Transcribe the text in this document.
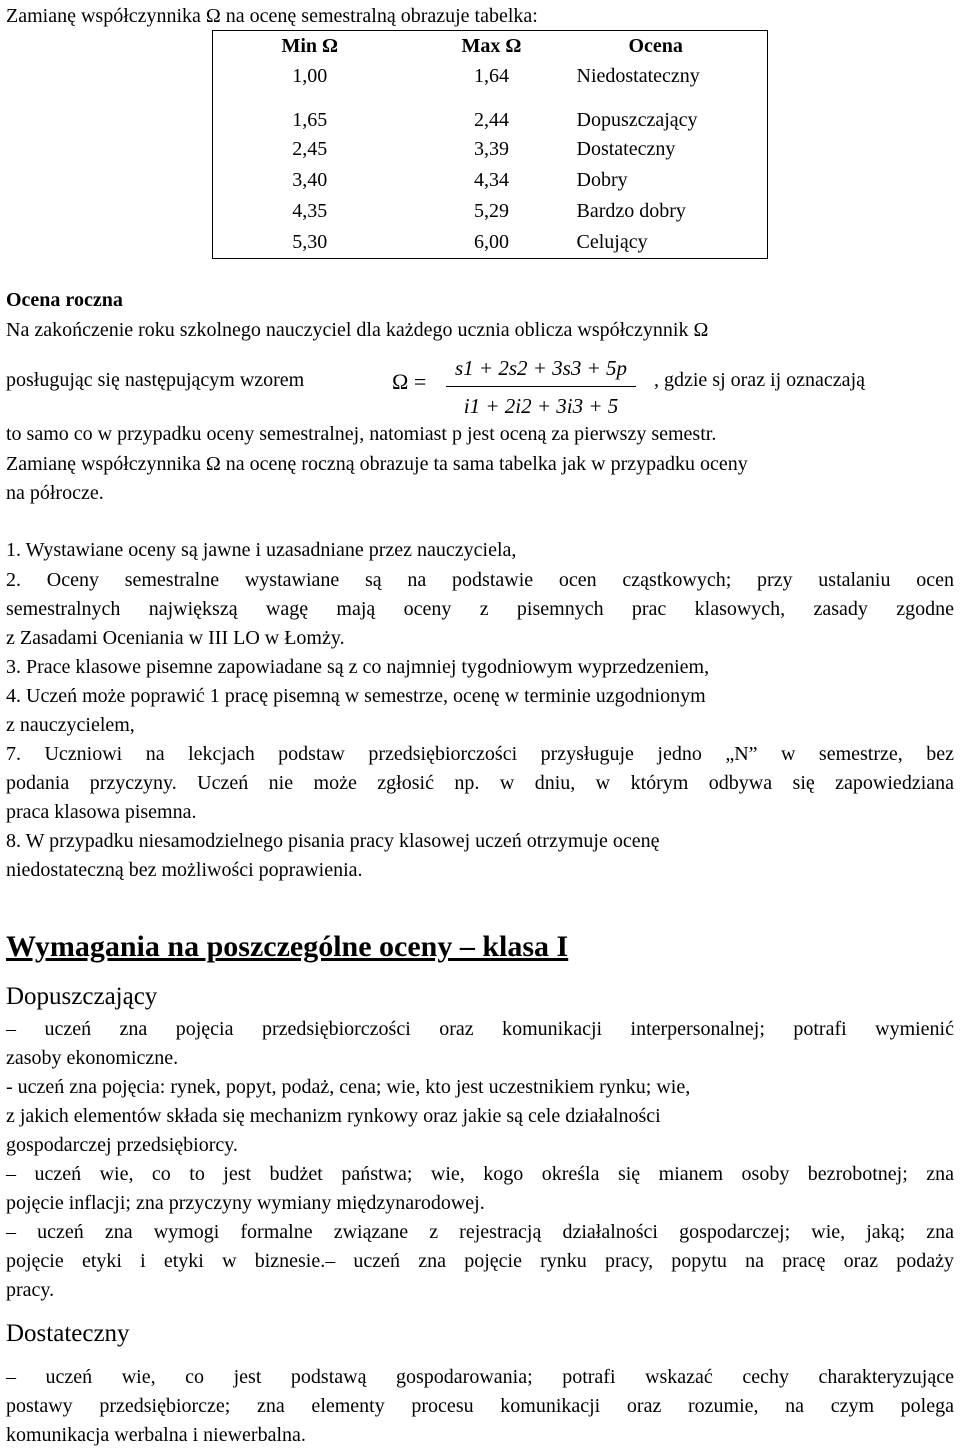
Zamianę współczynnika Ω na ocenę semestralną obrazuje tabelka:
Min Ω	Max Ω	Ocena
1,00	1,64	Niedostateczny
1,65	2,44	Dopuszczający
2,45	3,39	Dostateczny
3,40	4,34	Dobry
4,35	5,29	Bardzo dobry
5,30	6,00	Celujący
Ocena roczna
Na zakończenie roku szkolnego nauczyciel dla każdego ucznia oblicza współczynnik Ω
posługując się następującym wzorem	Ω =
s1 + 2s2 + 3s3 + 5p
i1 + 2i2 + 3i3 + 5
, gdzie sj oraz ij oznaczają
to samo co w przypadku oceny semestralnej, natomiast p jest oceną za pierwszy semestr.
Zamianę współczynnika Ω na ocenę roczną obrazuje ta sama tabelka jak w przypadku oceny
na półrocze.
1. Wystawiane oceny są jawne i uzasadniane przez nauczyciela,
2. Oceny semestralne wystawiane są na podstawie ocen cząstkowych; przy ustalaniu ocen
semestralnych największą wagę mają oceny z pisemnych prac klasowych, zasady zgodne
z Zasadami Oceniania w III LO w Łomży.
3. Prace klasowe pisemne zapowiadane są z co najmniej tygodniowym wyprzedzeniem,
4. Uczeń może poprawić 1 pracę pisemną w semestrze, ocenę w terminie uzgodnionym
z nauczycielem,
7. Uczniowi na lekcjach podstaw przedsiębiorczości przysługuje jedno „N” w semestrze, bez
podania przyczyny. Uczeń nie może zgłosić np. w dniu, w którym odbywa się zapowiedziana
praca klasowa pisemna.
8. W przypadku niesamodzielnego pisania pracy klasowej uczeń otrzymuje ocenę
niedostateczną bez możliwości poprawienia.
Wymagania na poszczególne oceny – klasa I
Dopuszczający
– uczeń zna pojęcia przedsiębiorczości oraz komunikacji interpersonalnej; potrafi wymienić
zasoby ekonomiczne.
- uczeń zna pojęcia: rynek, popyt, podaż, cena; wie, kto jest uczestnikiem rynku; wie,
z jakich elementów składa się mechanizm rynkowy oraz jakie są cele działalności
gospodarczej przedsiębiorcy.
– uczeń wie, co to jest budżet państwa; wie, kogo określa się mianem osoby bezrobotnej; zna
pojęcie inflacji; zna przyczyny wymiany międzynarodowej.
– uczeń zna wymogi formalne związane z rejestracją działalności gospodarczej; wie, jaką; zna
pojęcie etyki i etyki w biznesie.– uczeń zna pojęcie rynku pracy, popytu na pracę oraz podaży
pracy.
Dostateczny
– uczeń wie, co jest podstawą gospodarowania; potrafi wskazać cechy charakteryzujące
postawy przedsiębiorcze; zna elementy procesu komunikacji oraz rozumie, na czym polega
komunikacja werbalna i niewerbalna.
